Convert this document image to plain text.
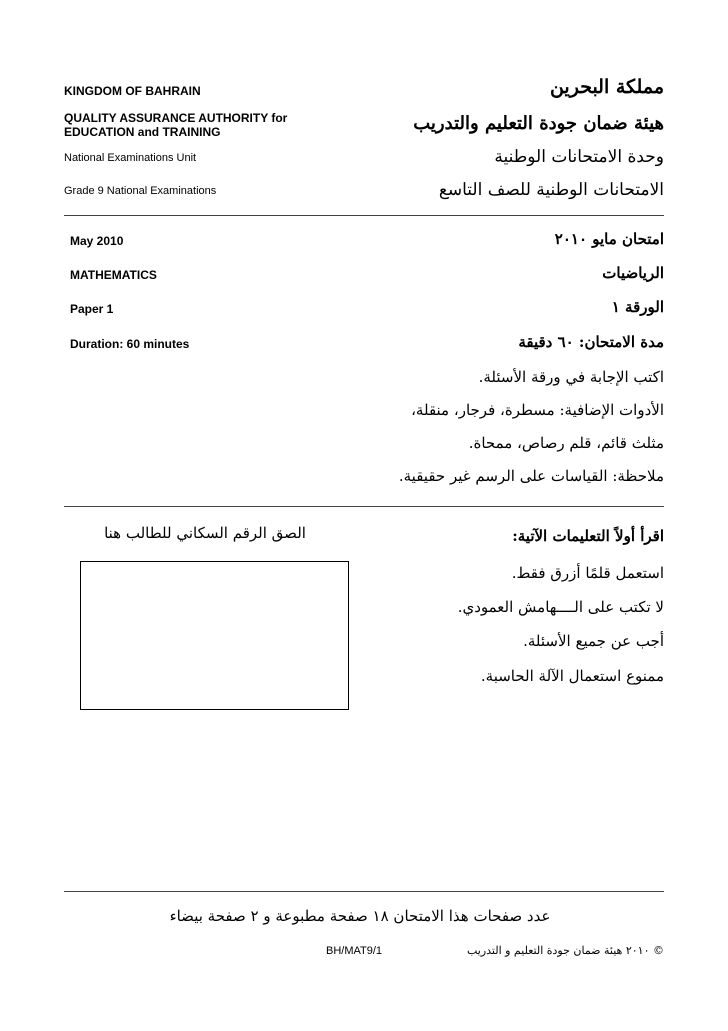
KINGDOM OF BAHRAIN	مملكة البحرين
QUALITY ASSURANCE AUTHORITY for
EDUCATION and TRAINING	هيئة ضمان جودة التعليم والتدريب
National Examinations Unit	وحدة الامتحانات الوطنية
Grade 9 National Examinations	الامتحانات الوطنية للصف التاسع
May 2010	امتحان مايو ٢٠١٠
MATHEMATICS	الرياضيات
Paper 1	الورقة ١
Duration: 60 minutes	مدة الامتحان: ٦٠ دقيقة
اكتب الإجابة في ورقة الأسئلة.
الأدوات الإضافية: مسطرة، فرجار، منقلة،
مثلث قائم، قلم رصاص، ممحاة.
ملاحظة: القياسات على الرسم غير حقيقية.
الصق الرقم السكاني للطالب هنا	اقرأ أولاً التعليمات الآتية:
استعمل قلمًا أزرق فقط.
لا تكتب على الــــهامش العمودي.
أجب عن جميع الأسئلة.
ممنوع استعمال الآلة الحاسبة.
عدد صفحات هذا الامتحان ١٨ صفحة مطبوعة و ٢ صفحة بيضاء
BH/MAT9/1	© ٢٠١٠ هيئة ضمان جودة التعليم و التدريب
